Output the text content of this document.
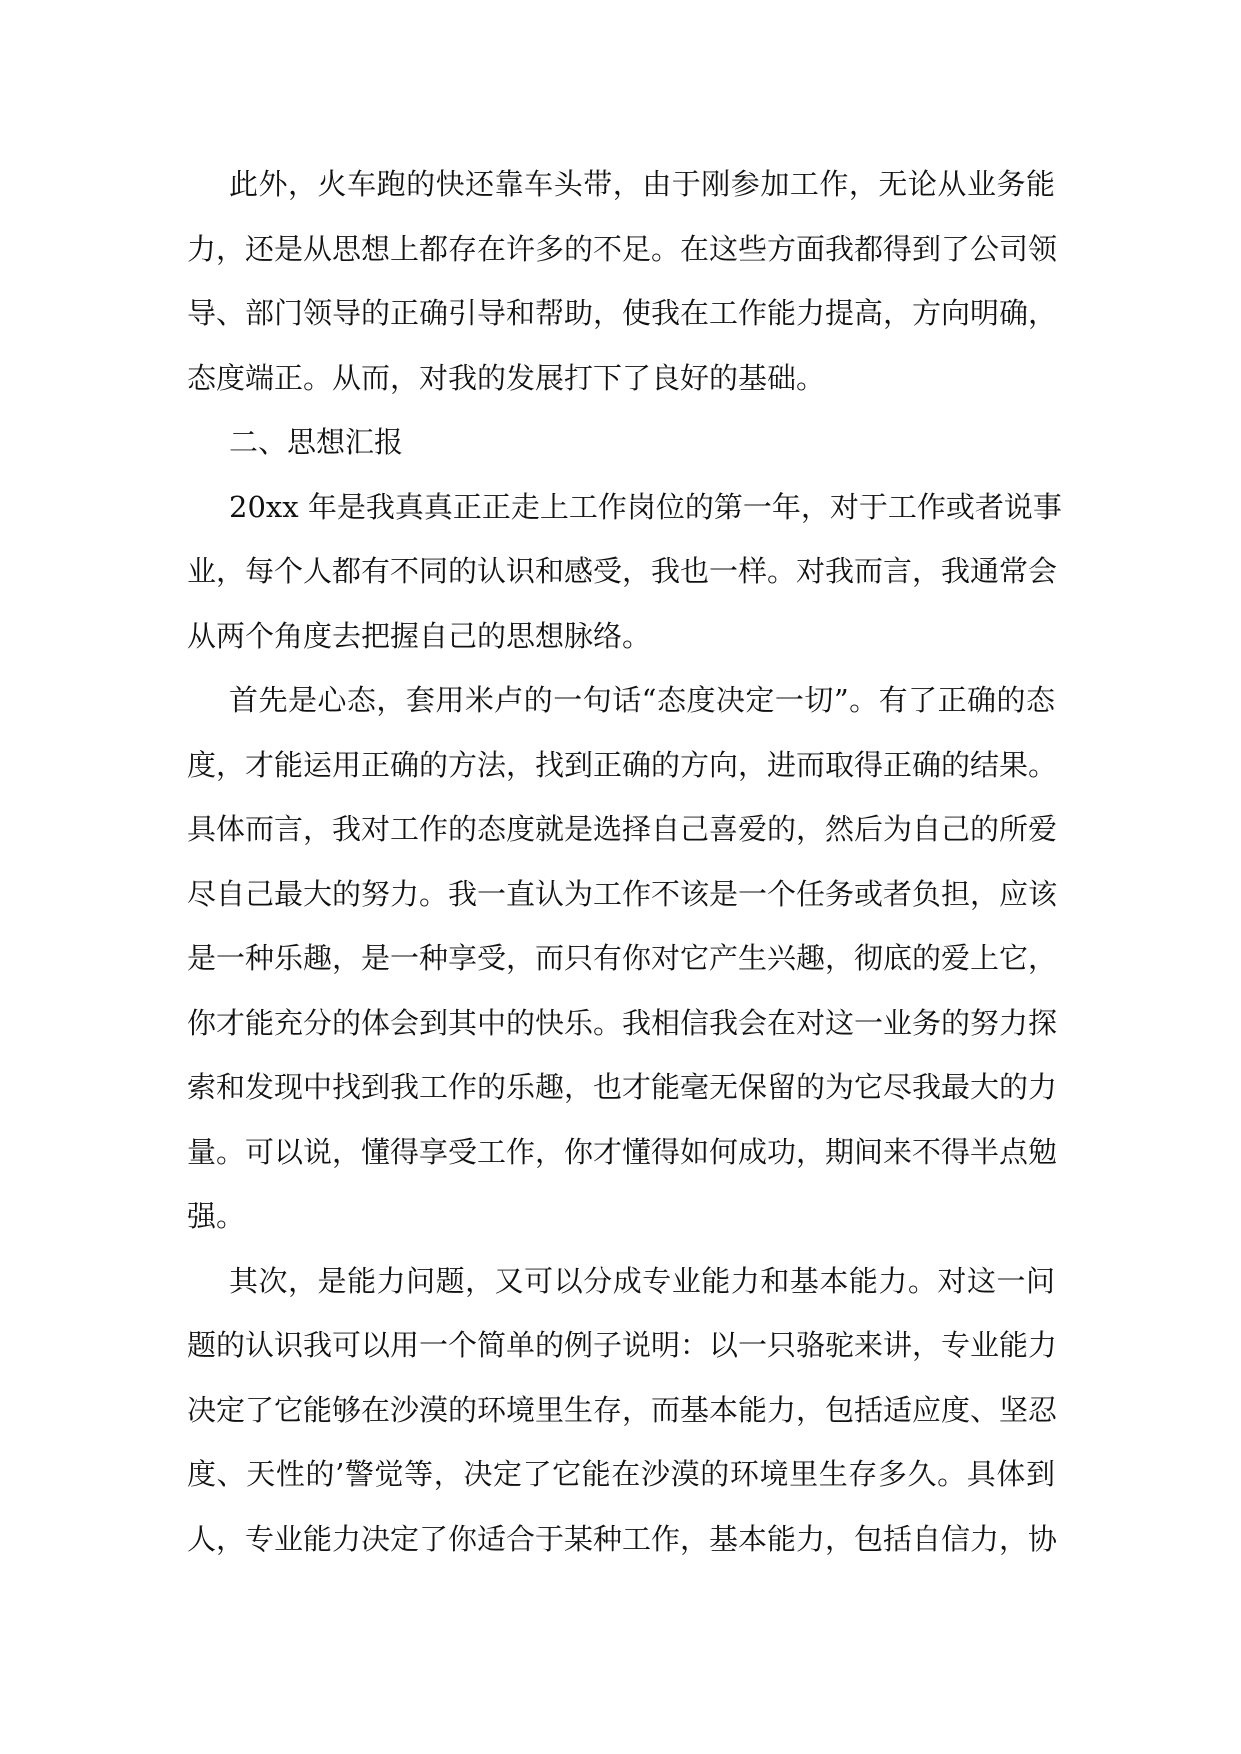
此外，火车跑的快还靠车头带，由于刚参加工作，无论从业务能
力，还是从思想上都存在许多的不足。在这些方面我都得到了公司领
导、部门领导的正确引导和帮助，使我在工作能力提高，方向明确，
态度端正。从而，对我的发展打下了良好的基础。

二、思想汇报

20xx 年是我真真正正走上工作岗位的第一年，对于工作或者说事
业，每个人都有不同的认识和感受，我也一样。对我而言，我通常会
从两个角度去把握自己的思想脉络。

首先是心态，套用米卢的一句话“态度决定一切”。有了正确的态
度，才能运用正确的方法，找到正确的方向，进而取得正确的结果。
具体而言，我对工作的态度就是选择自己喜爱的，然后为自己的所爱
尽自己最大的努力。我一直认为工作不该是一个任务或者负担，应该
是一种乐趣，是一种享受，而只有你对它产生兴趣，彻底的爱上它，
你才能充分的体会到其中的快乐。我相信我会在对这一业务的努力探
索和发现中找到我工作的乐趣，也才能毫无保留的为它尽我最大的力
量。可以说，懂得享受工作，你才懂得如何成功，期间来不得半点勉
强。

其次，是能力问题，又可以分成专业能力和基本能力。对这一问
题的认识我可以用一个简单的例子说明：以一只骆驼来讲，专业能力
决定了它能够在沙漠的环境里生存，而基本能力，包括适应度、坚忍
度、天性的’警觉等，决定了它能在沙漠的环境里生存多久。具体到
人，专业能力决定了你适合于某种工作，基本能力，包括自信力，协
